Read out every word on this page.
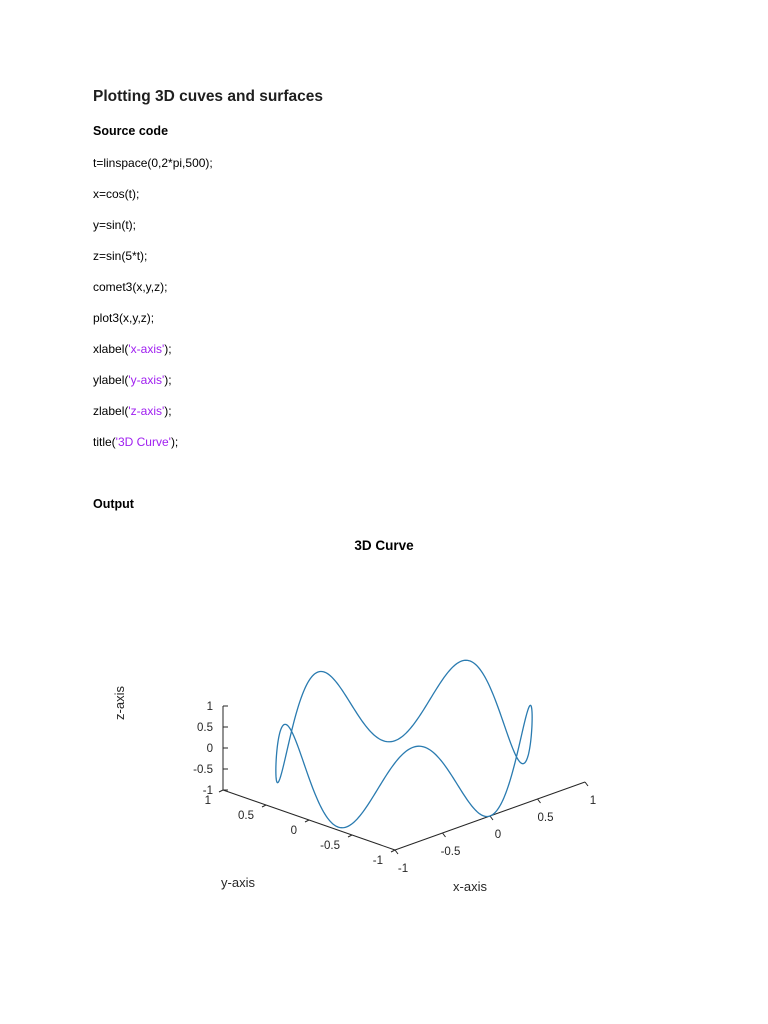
Plotting 3D cuves and surfaces
Source code
t=linspace(0,2*pi,500);
x=cos(t);
y=sin(t);
z=sin(5*t);
comet3(x,y,z);
plot3(x,y,z);
xlabel('x-axis');
ylabel('y-axis');
zlabel('z-axis');
title('3D Curve');
Output
3D Curve
-1
-1
-1
-0.5
-0.5
-0.5
0
0
0
0.5
0.5
0.5
1
1
1
y-axis	x-axis
z-axis
